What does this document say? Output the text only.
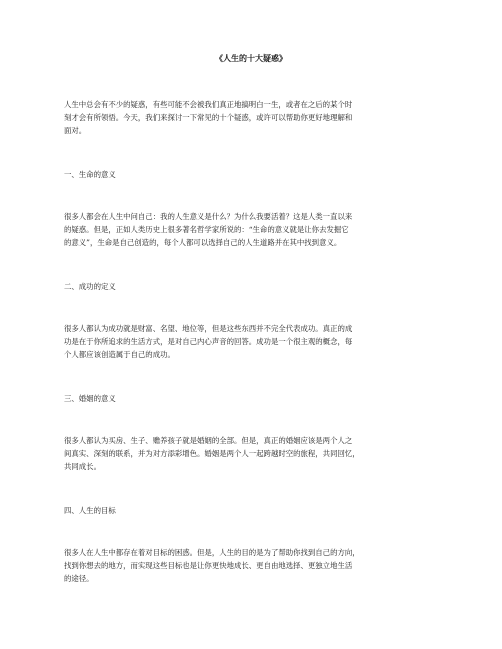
《人生的十大疑惑》
人生中总会有不少的疑惑，有些可能不会被我们真正地搞明白一生，或者在之后的某个时
刻才会有所领悟。今天，我们来探讨一下常见的十个疑惑，或许可以帮助你更好地理解和
面对。
一、生命的意义
很多人都会在人生中问自己：我的人生意义是什么？为什么我要活着？这是人类一直以来
的疑惑。但是，正如人类历史上很多著名哲学家所说的：“生命的意义就是让你去发掘它
的意义”，生命是自己创造的，每个人都可以选择自己的人生道路并在其中找到意义。
二、成功的定义
很多人都认为成功就是财富、名望、地位等，但是这些东西并不完全代表成功。真正的成
功是在于你所追求的生活方式，是对自己内心声音的回答。成功是一个很主观的概念，每
个人都应该创造属于自己的成功。
三、婚姻的意义
很多人都认为买房、生子、赡养孩子就是婚姻的全部。但是，真正的婚姻应该是两个人之
间真实、深刻的联系，并为对方添彩增色。婚姻是两个人一起跨越时空的旅程，共同回忆，
共同成长。
四、人生的目标
很多人在人生中都存在着对目标的困惑。但是，人生的目的是为了帮助你找到自己的方向，
找到你想去的地方，而实现这些目标也是让你更快地成长、更自由地选择、更独立地生活
的途径。
